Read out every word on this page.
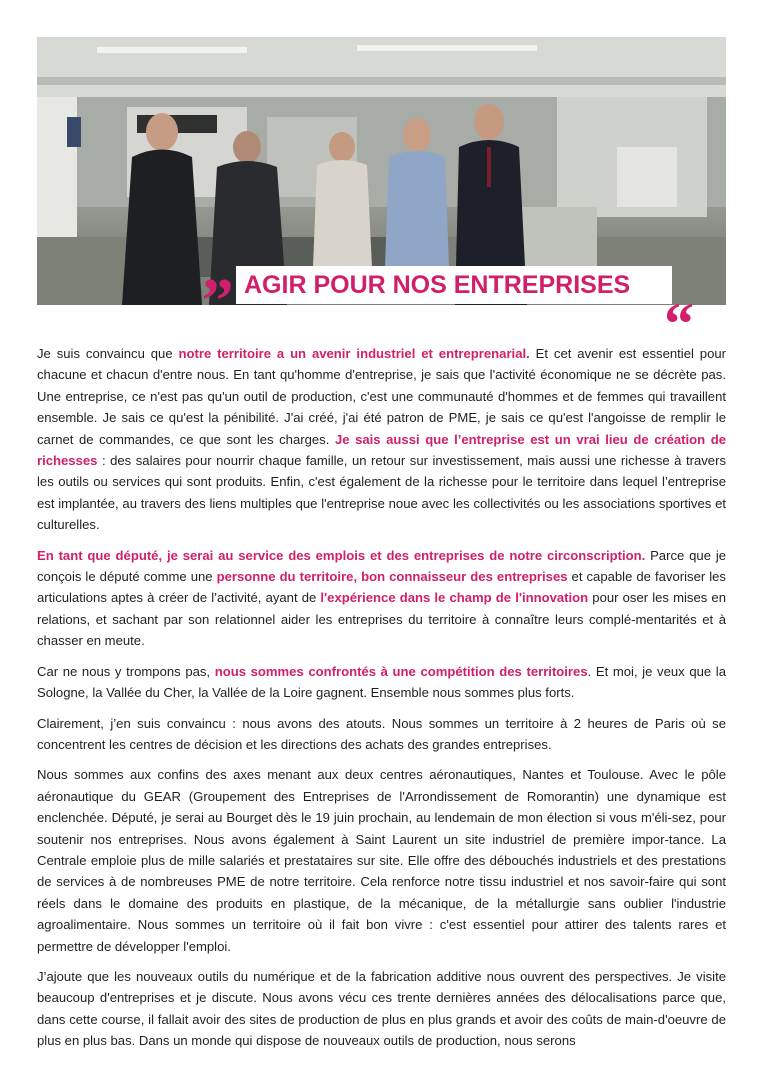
„ AGIR POUR NOS ENTREPRISES
“

Je suis convaincu que notre territoire a un avenir industriel et entreprenarial. Et cet avenir est essentiel pour chacune et chacun d'entre nous. En tant qu'homme d'entreprise, je sais que l'activité économique ne se décrète pas. Une entreprise, ce n'est pas qu'un outil de production, c'est une communauté d'hommes et de femmes qui travaillent ensemble. Je sais ce qu'est la pénibilité. J'ai créé, j'ai été patron de PME, je sais ce qu'est l'angoisse de remplir le carnet de commandes, ce que sont les charges. Je sais aussi que l’entreprise est un vrai lieu de création de richesses : des salaires pour nourrir chaque famille, un retour sur investissement, mais aussi une richesse à travers les outils ou services qui sont produits. Enfin, c'est également de la richesse pour le territoire dans lequel l’entreprise est implantée, au travers des liens multiples que l'entreprise noue avec les collectivités ou les associations sportives et culturelles.

En tant que député, je serai au service des emplois et des entreprises de notre circonscription. Parce que je conçois le député comme une personne du territoire, bon connaisseur des entreprises et capable de favoriser les articulations aptes à créer de l’activité, ayant de l'expérience dans le champ de l'innovation pour oser les mises en relations, et sachant par son relationnel aider les entreprises du territoire à connaître leurs complé-mentarités et à chasser en meute.

Car ne nous y trompons pas, nous sommes confrontés à une compétition des territoires. Et moi, je veux que la Sologne, la Vallée du Cher, la Vallée de la Loire gagnent. Ensemble nous sommes plus forts.

Clairement, j’en suis convaincu : nous avons des atouts. Nous sommes un territoire à 2 heures de Paris où se concentrent les centres de décision et les directions des achats des grandes entreprises.

Nous sommes aux confins des axes menant aux deux centres aéronautiques, Nantes et Toulouse. Avec le pôle aéronautique du GEAR (Groupement des Entreprises de l'Arrondissement de Romorantin) une dynamique est enclenchée. Député, je serai au Bourget dès le 19 juin prochain, au lendemain de mon élection si vous m'éli-sez, pour soutenir nos entreprises. Nous avons également à Saint Laurent un site industriel de première impor-tance. La Centrale emploie plus de mille salariés et prestataires sur site. Elle offre des débouchés industriels et des prestations de services à de nombreuses PME de notre territoire. Cela renforce notre tissu industriel et nos savoir-faire qui sont réels dans le domaine des produits en plastique, de la mécanique, de la métallurgie sans oublier l'industrie agroalimentaire. Nous sommes un territoire où il fait bon vivre : c'est essentiel pour attirer des talents rares et permettre de développer l'emploi.

J’ajoute que les nouveaux outils du numérique et de la fabrication additive nous ouvrent des perspectives. Je visite beaucoup d'entreprises et je discute. Nous avons vécu ces trente dernières années des délocalisations parce que, dans cette course, il fallait avoir des sites de production de plus en plus grands et avoir des coûts de main-d'oeuvre de plus en plus bas. Dans un monde qui dispose de nouveaux outils de production, nous serons
